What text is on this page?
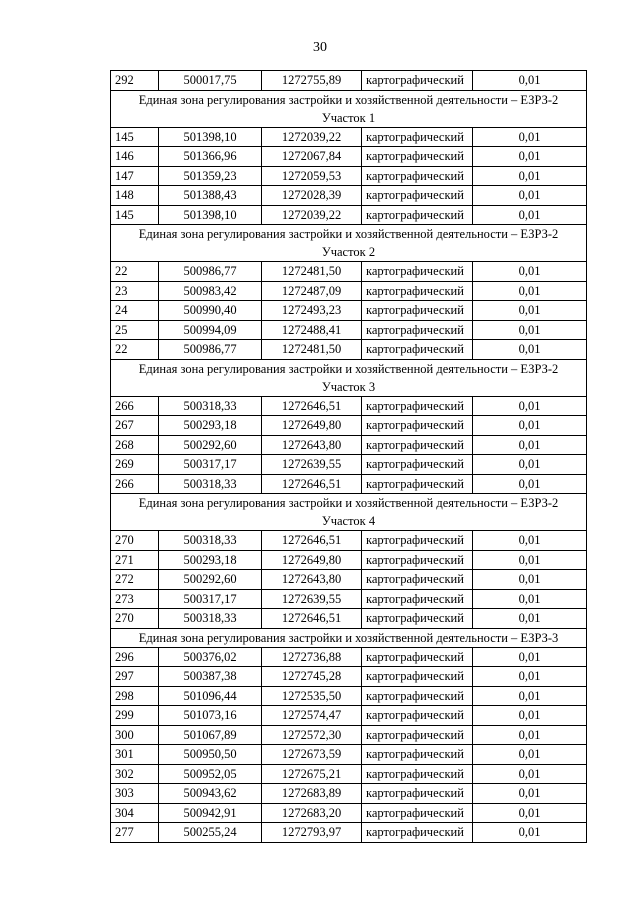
30
292	500017,75	1272755,89	картографический	0,01

Единая зона регулирования застройки и хозяйственной деятельности – ЕЗРЗ-2
Участок 1				

145	501398,10	1272039,22	картографический	0,01
146	501366,96	1272067,84	картографический	0,01
147	501359,23	1272059,53	картографический	0,01
148	501388,43	1272028,39	картографический	0,01
145	501398,10	1272039,22	картографический	0,01

Единая зона регулирования застройки и хозяйственной деятельности – ЕЗРЗ-2
Участок 2				

22	500986,77	1272481,50	картографический	0,01
23	500983,42	1272487,09	картографический	0,01
24	500990,40	1272493,23	картографический	0,01
25	500994,09	1272488,41	картографический	0,01
22	500986,77	1272481,50	картографический	0,01

Единая зона регулирования застройки и хозяйственной деятельности – ЕЗРЗ-2
Участок 3				

266	500318,33	1272646,51	картографический	0,01
267	500293,18	1272649,80	картографический	0,01
268	500292,60	1272643,80	картографический	0,01
269	500317,17	1272639,55	картографический	0,01
266	500318,33	1272646,51	картографический	0,01

Единая зона регулирования застройки и хозяйственной деятельности – ЕЗРЗ-2
Участок 4				

270	500318,33	1272646,51	картографический	0,01
271	500293,18	1272649,80	картографический	0,01
272	500292,60	1272643,80	картографический	0,01
273	500317,17	1272639,55	картографический	0,01
270	500318,33	1272646,51	картографический	0,01

Единая зона регулирования застройки и хозяйственной деятельности – ЕЗРЗ-3				

296	500376,02	1272736,88	картографический	0,01
297	500387,38	1272745,28	картографический	0,01
298	501096,44	1272535,50	картографический	0,01
299	501073,16	1272574,47	картографический	0,01
300	501067,89	1272572,30	картографический	0,01
301	500950,50	1272673,59	картографический	0,01
302	500952,05	1272675,21	картографический	0,01
303	500943,62	1272683,89	картографический	0,01
304	500942,91	1272683,20	картографический	0,01
277	500255,24	1272793,97	картографический	0,01
